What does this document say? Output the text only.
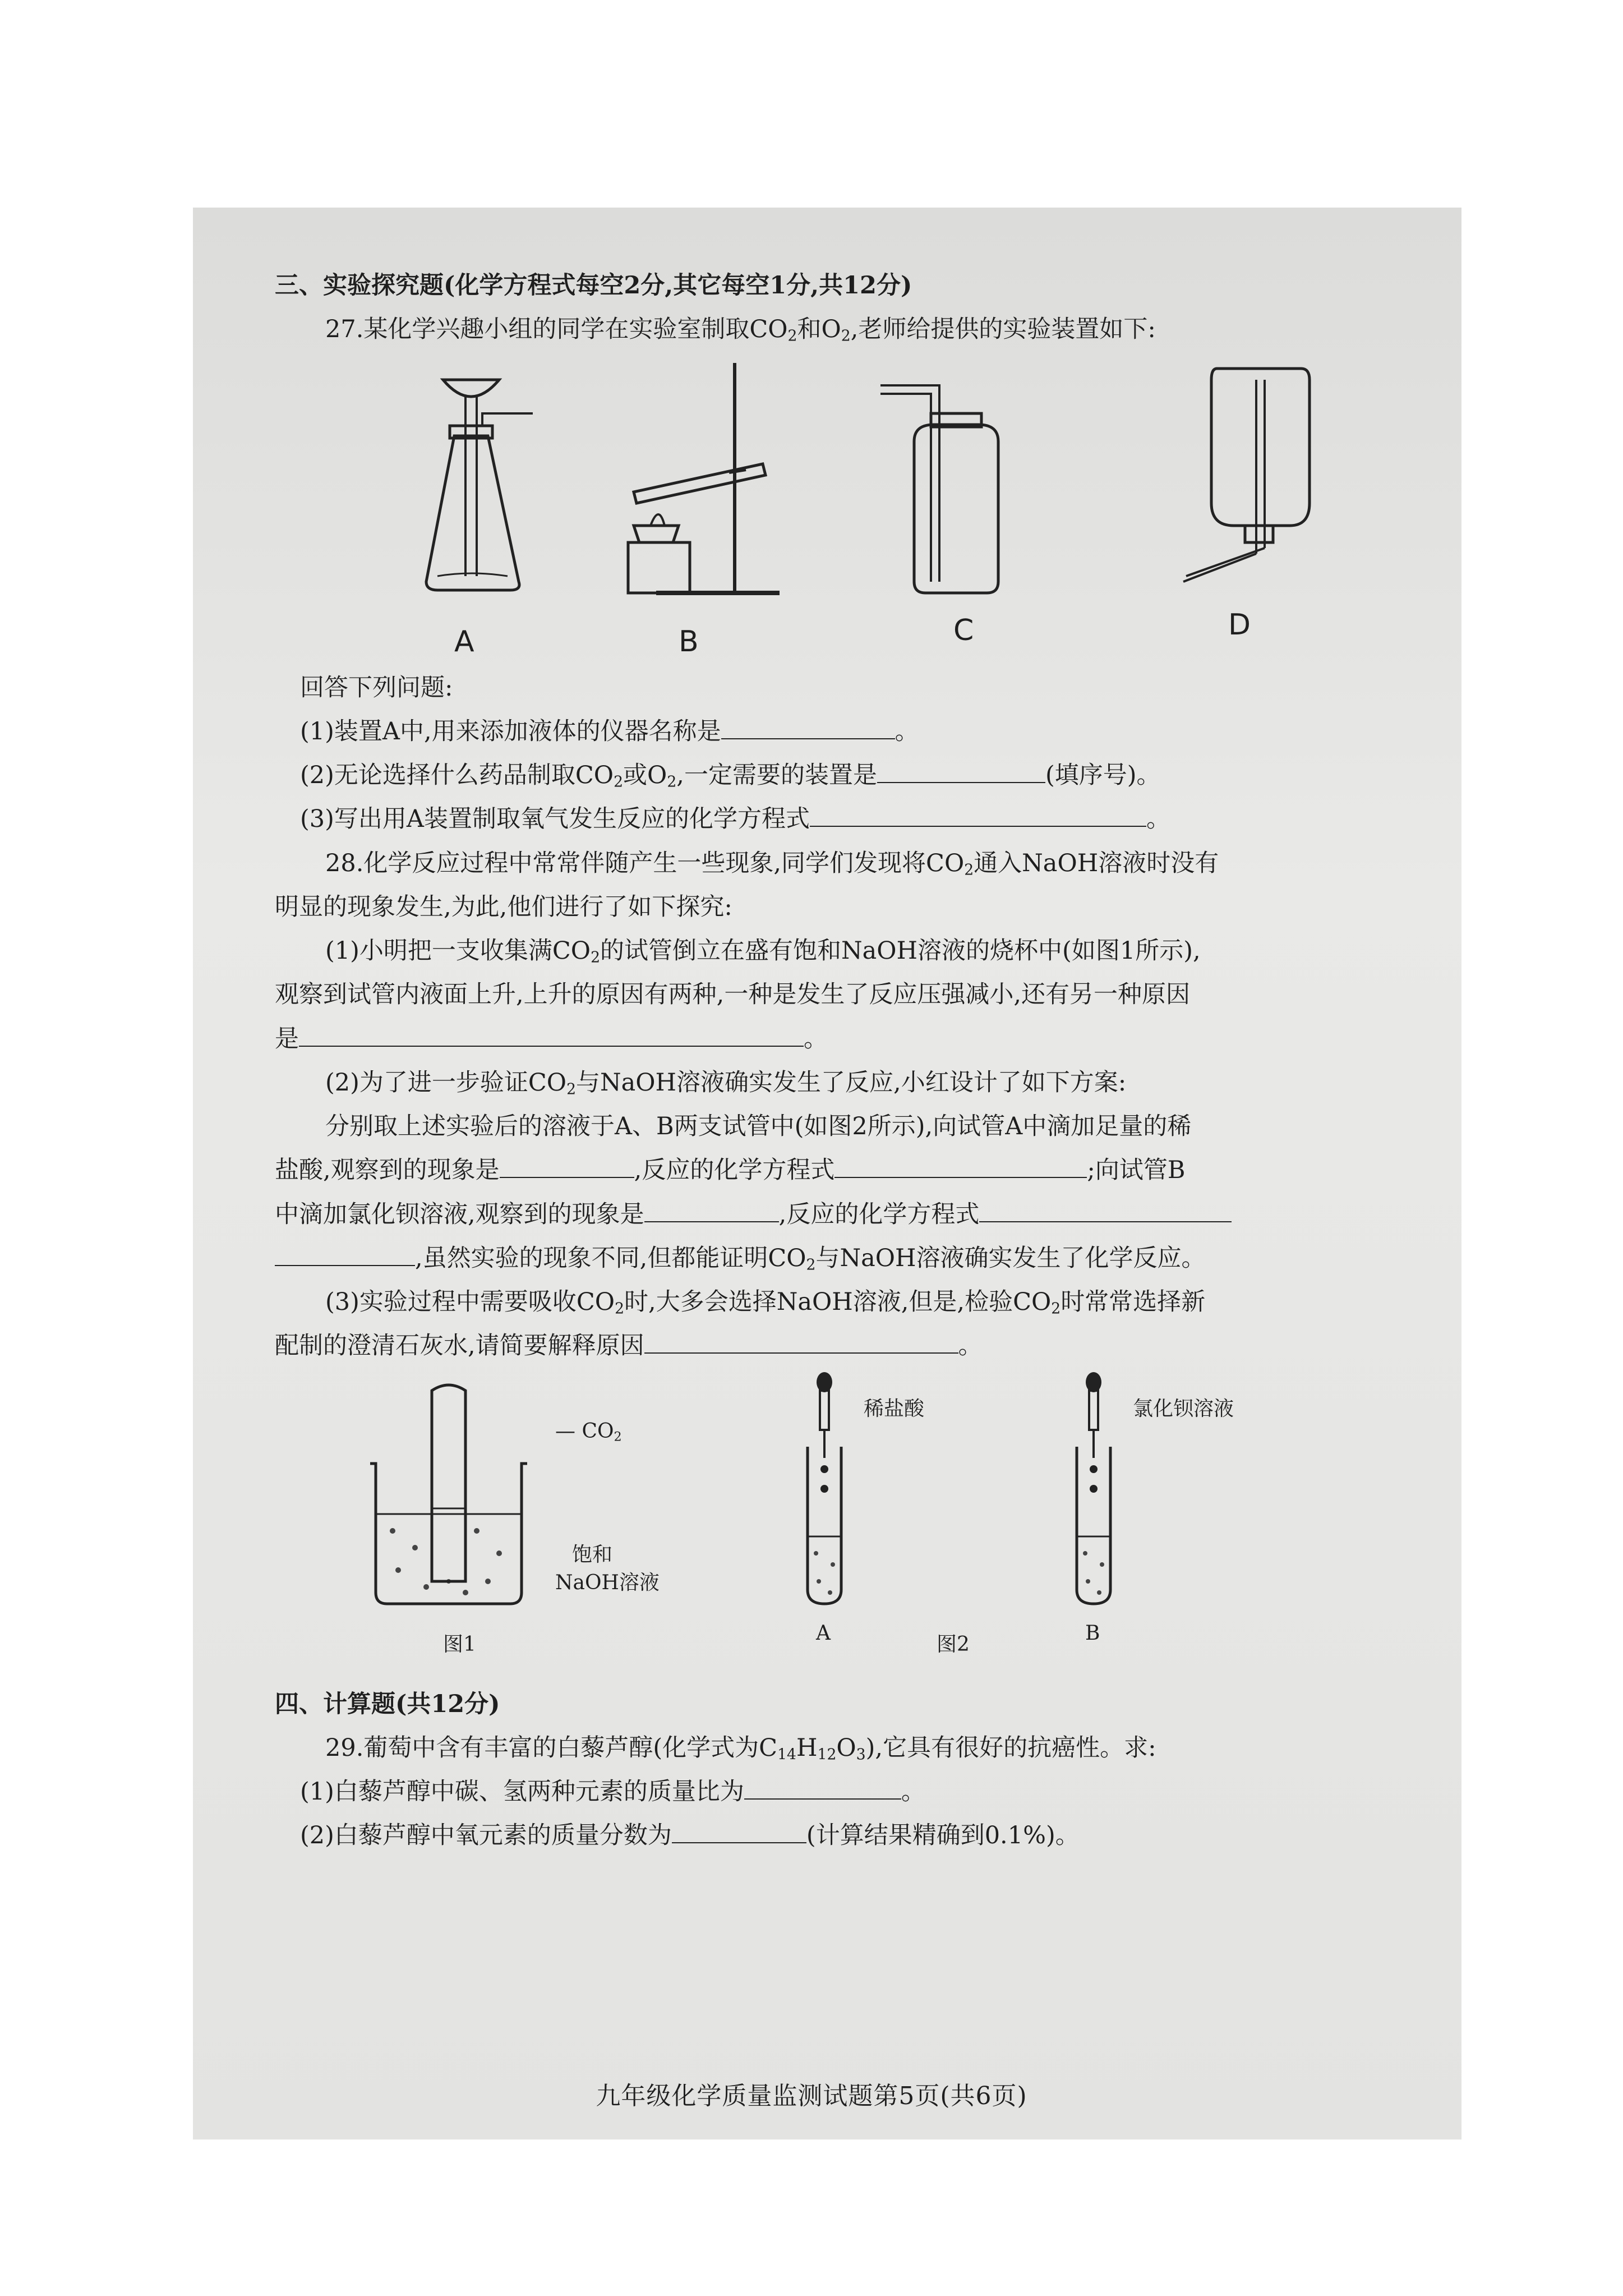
三、实验探究题(化学方程式每空2分,其它每空1分,共12分)
27.某化学兴趣小组的同学在实验室制取$CO_2$和$O_2$,老师给提供的实验装置如下:
A	B	C	D
回答下列问题:
(1)装置A中,用来添加液体的仪器名称是	。
(2)无论选择什么药品制取$CO_2$或$O_2$,一定需要的装置是	(填序号)。
(3)写出用A装置制取氧气发生反应的化学方程式	。
28.化学反应过程中常常伴随产生一些现象,同学们发现将$CO_2$通入NaOH溶液时没有
明显的现象发生,为此,他们进行了如下探究:
(1)小明把一支收集满$CO_2$的试管倒立在盛有饱和NaOH溶液的烧杯中(如图1所示),
观察到试管内液面上升,上升的原因有两种,一种是发生了反应压强减小,还有另一种原因
是	。
(2)为了进一步验证$CO_2$与NaOH溶液确实发生了反应,小红设计了如下方案:
分别取上述实验后的溶液于A、B两支试管中(如图2所示),向试管A中滴加足量的稀
盐酸,观察到的现象是	,反应的化学方程式	;向试管B
中滴加氯化钡溶液,观察到的现象是	,反应的化学方程式
,虽然实验的现象不同,但都能证明$CO_2$与NaOH溶液确实发生了化学反应。
(3)实验过程中需要吸收$CO_2$时,大多会选择NaOH溶液,但是,检验$CO_2$时常常选择新
配制的澄清石灰水,请简要解释原因	。
— $CO_2$
饱和
NaOH溶液
图1
稀盐酸
A
氯化钡溶液
B
图2
四、计算题(共12分)
29.葡萄中含有丰富的白藜芦醇(化学式为$C_{14}H_{12}O_3$),它具有很好的抗癌性。求:
(1)白藜芦醇中碳、氢两种元素的质量比为	。
(2)白藜芦醇中氧元素的质量分数为	(计算结果精确到0.1%)。
九年级化学质量监测试题第5页(共6页)
